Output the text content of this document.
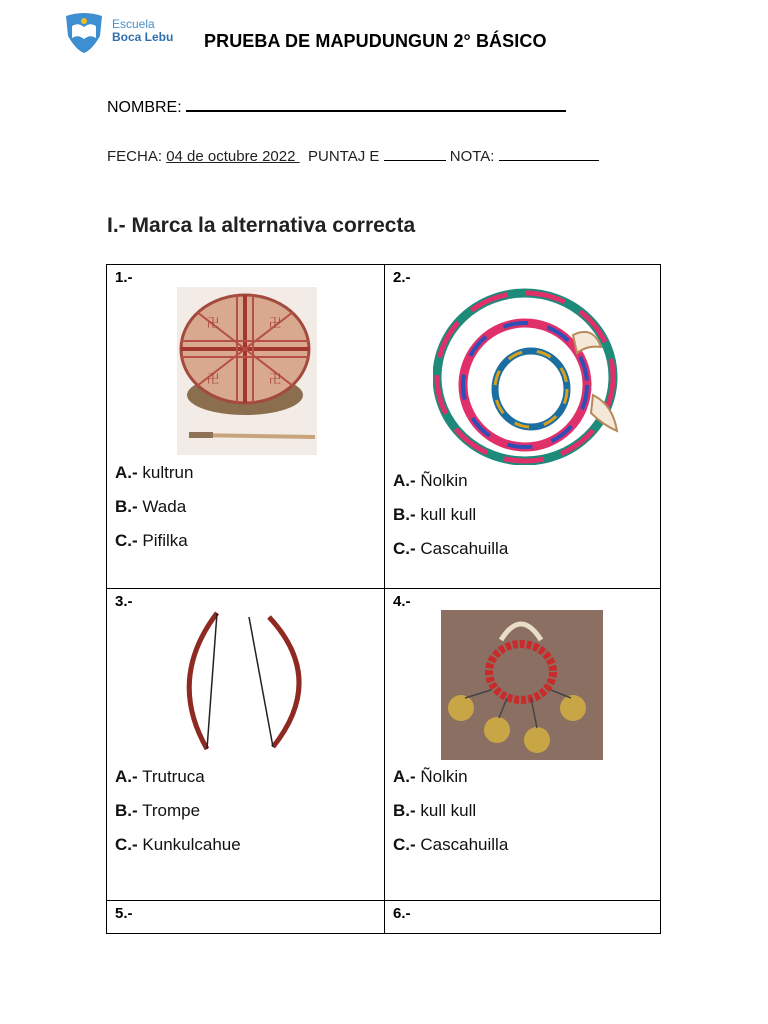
Escuela
Boca Lebu PRUEBA DE MAPUDUNGUN 2° BÁSICO
NOMBRE:
FECHA: 04 de octubre 2022   PUNTAJ E	NOTA:
I.- Marca la alternativa correcta
1.-
卍	卍
卍	卍
A.- kultrun
B.- Wada
C.- Pifilka
2.-
A.- Ñolkin
B.- kull kull
C.- Cascahuilla
3.-
A.- Trutruca
B.- Trompe
C.- Kunkulcahue
4.-
A.- Ñolkin
B.- kull kull
C.- Cascahuilla
5.-	6.-
